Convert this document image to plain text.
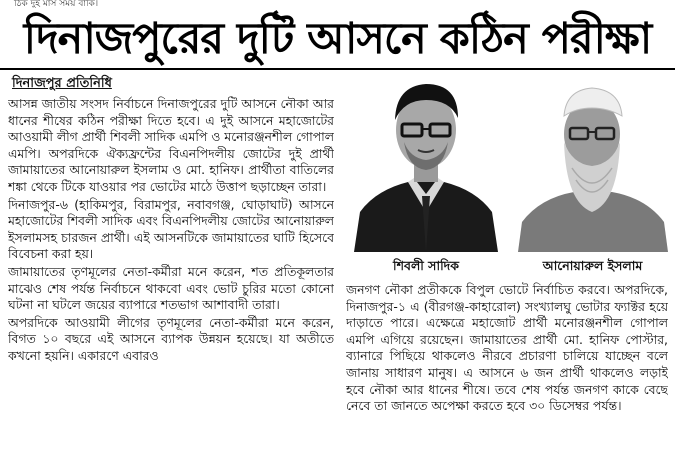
ঠিক দুই মাস সময় বাকি।
দিনাজপুরের দুটি আসনে কঠিন পরীক্ষা
দিনাজপুর প্রতিনিধি

আসন্ন জাতীয় সংসদ নির্বাচনে দিনাজপুরের দুটি আসনে নৌকা আর ধানের শীষের কঠিন পরীক্ষা দিতে হবে। এ দুই আসনে মহাজোটের আওয়ামী লীগ প্রার্থী শিবলী সাদিক এমপি ও মনোরঞ্জনশীল গোপাল এমপি। অপরদিকে ঐক্যফ্রন্টের বিএনপিদলীয় জোটের দুই প্রার্থী জামায়াতের আনোয়ারুল ইসলাম ও মো. হানিফ। প্রার্থীতা বাতিলের শঙ্কা থেকে টিকে যাওয়ার পর ভোটের মাঠে উত্তাপ ছড়াচ্ছেন তারা।

দিনাজপুর-৬ (হাকিমপুর, বিরামপুর, নবাবগঞ্জ, ঘোড়াঘাট) আসনে মহাজোটের শিবলী সাদিক এবং বিএনপিদলীয় জোটের আনোয়ারুল ইসলামসহ চারজন প্রার্থী। এই আসনটিকে জামায়াতের ঘাটি হিসেবে বিবেচনা করা হয়।

জামায়াতের তৃণমূলের নেতা-কর্মীরা মনে করেন, শত প্রতিকূলতার মাঝেও শেষ পর্যন্ত নির্বাচনে থাকবো এবং ভোট চুরির মতো কোনো ঘটনা না ঘটলে জয়ের ব্যাপারে শতভাগ আশাবাদী তারা।

অপরদিকে আওয়ামী লীগের তৃণমূলের নেতা-কর্মীরা মনে করেন, বিগত ১০ বছরে এই আসনে ব্যাপক উন্নয়ন হয়েছে। যা অতীতে কখনো হয়নি। একারণে এবারও

শিবলী সাদিক	আনোয়ারুল ইসলাম

জনগণ নৌকা প্রতীককে বিপুল ভোটে নির্বাচিত করবে। অপরদিকে, দিনাজপুর-১ এ (বীরগঞ্জ-কাহারোল) সংখ্যালঘু ভোটার ফ্যাক্টর হয়ে দাড়াতে পারে। এক্ষেত্রে মহাজোট প্রার্থী মনোরঞ্জনশীল গোপাল এমপি এগিয়ে রয়েছেন। জামায়াতের প্রার্থী মো. হানিফ পোস্টার, ব্যানারে পিছিয়ে থাকলেও নীরবে প্রচারণা চালিয়ে যাচ্ছেন বলে জানায় সাধারণ মানুষ। এ আসনে ৬ জন প্রার্থী থাকলেও লড়াই হবে নৌকা আর ধানের শীষে। তবে শেষ পর্যন্ত জনগণ কাকে বেছে নেবে তা জানতে অপেক্ষা করতে হবে ৩০ ডিসেম্বর পর্যন্ত।
